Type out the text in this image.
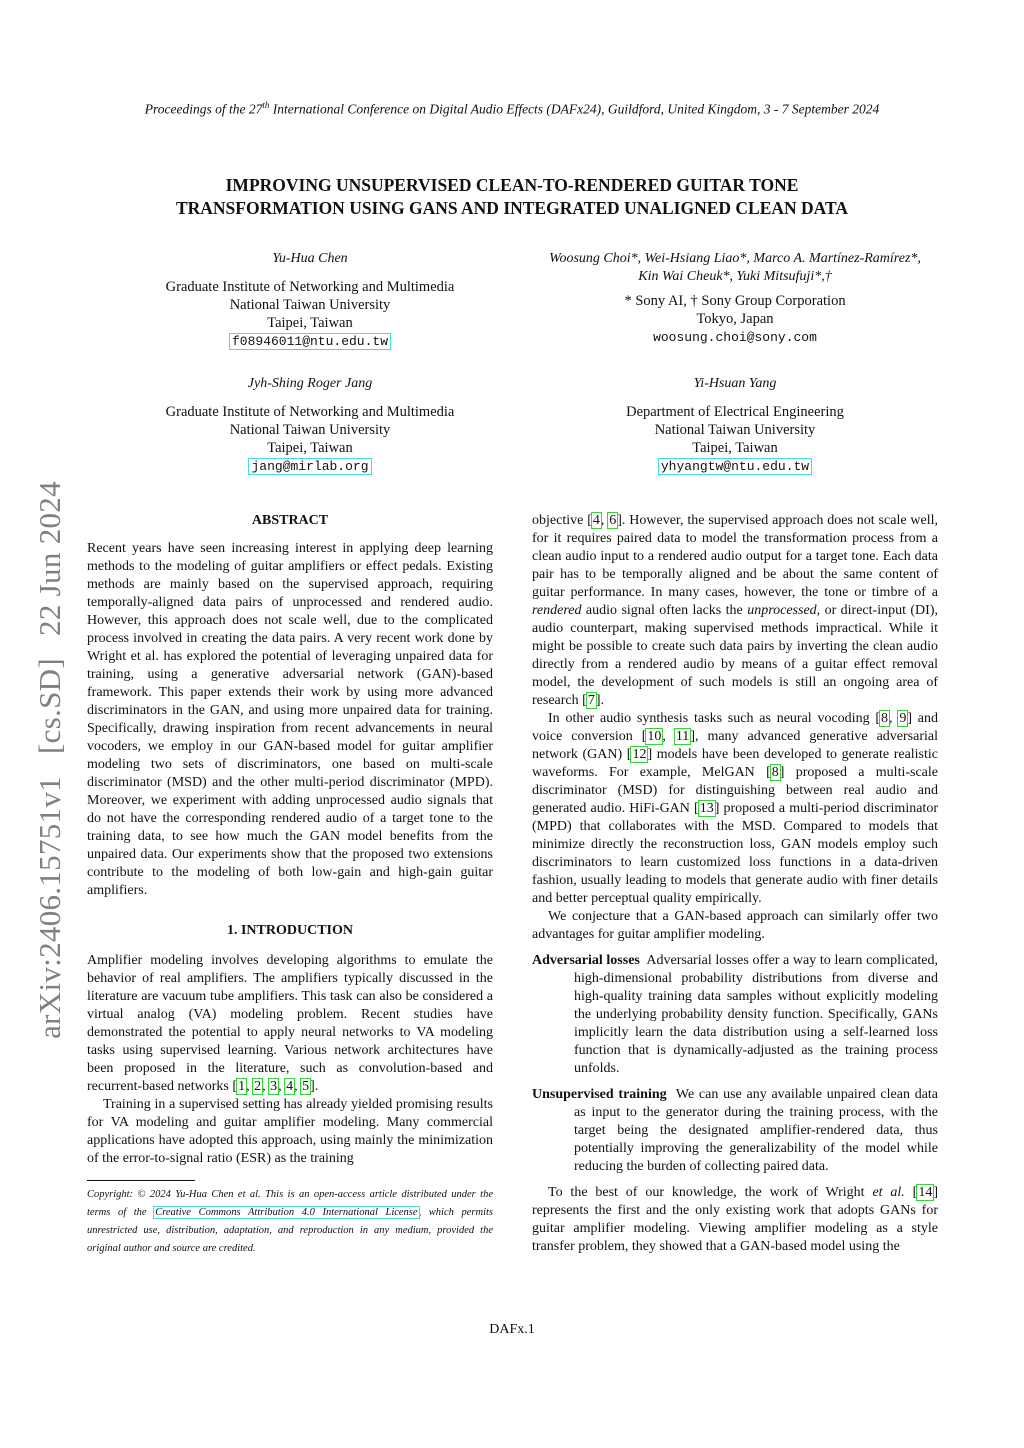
Proceedings of the 27th International Conference on Digital Audio Effects (DAFx24), Guildford, United Kingdom, 3 - 7 September 2024
arXiv:2406.15751v1 [cs.SD] 22 Jun 2024
IMPROVING UNSUPERVISED CLEAN-TO-RENDERED GUITAR TONE
TRANSFORMATION USING GANS AND INTEGRATED UNALIGNED CLEAN DATA
Yu-Hua Chen
Graduate Institute of Networking and Multimedia
National Taiwan University
Taipei, Taiwan
f08946011@ntu.edu.tw
Woosung Choi*, Wei-Hsiang Liao*, Marco A. Martínez-Ramírez*,
Kin Wai Cheuk*, Yuki Mitsufuji*,†
* Sony AI, † Sony Group Corporation
Tokyo, Japan
woosung.choi@sony.com
Jyh-Shing Roger Jang
Graduate Institute of Networking and Multimedia
National Taiwan University
Taipei, Taiwan
jang@mirlab.org
Yi-Hsuan Yang
Department of Electrical Engineering
National Taiwan University
Taipei, Taiwan
yhyangtw@ntu.edu.tw
ABSTRACT

Recent years have seen increasing interest in applying deep learning methods to the modeling of guitar amplifiers or effect pedals. Existing methods are mainly based on the supervised approach, requiring temporally-aligned data pairs of unprocessed and rendered audio. However, this approach does not scale well, due to the complicated process involved in creating the data pairs. A very recent work done by Wright et al. has explored the potential of leveraging unpaired data for training, using a generative adversarial network (GAN)-based framework. This paper extends their work by using more advanced discriminators in the GAN, and using more unpaired data for training. Specifically, drawing inspiration from recent advancements in neural vocoders, we employ in our GAN-based model for guitar amplifier modeling two sets of discriminators, one based on multi-scale discriminator (MSD) and the other multi-period discriminator (MPD). Moreover, we experiment with adding unprocessed audio signals that do not have the corresponding rendered audio of a target tone to the training data, to see how much the GAN model benefits from the unpaired data. Our experiments show that the proposed two extensions contribute to the modeling of both low-gain and high-gain guitar amplifiers.

1. INTRODUCTION

Amplifier modeling involves developing algorithms to emulate the behavior of real amplifiers. The amplifiers typically discussed in the literature are vacuum tube amplifiers. This task can also be considered a virtual analog (VA) modeling problem. Recent studies have demonstrated the potential to apply neural networks to VA modeling tasks using supervised learning. Various network architectures have been proposed in the literature, such as convolution-based and recurrent-based networks [1, 2, 3, 4, 5].

Training in a supervised setting has already yielded promising results for VA modeling and guitar amplifier modeling. Many commercial applications have adopted this approach, using mainly the minimization of the error-to-signal ratio (ESR) as the training

objective [4, 6]. However, the supervised approach does not scale well, for it requires paired data to model the transformation process from a clean audio input to a rendered audio output for a target tone. Each data pair has to be temporally aligned and be about the same content of guitar performance. In many cases, however, the tone or timbre of a rendered audio signal often lacks the unprocessed, or direct-input (DI), audio counterpart, making supervised methods impractical. While it might be possible to create such data pairs by inverting the clean audio directly from a rendered audio by means of a guitar effect removal model, the development of such models is still an ongoing area of research [7].

In other audio synthesis tasks such as neural vocoding [8, 9] and voice conversion [10, 11], many advanced generative adversarial network (GAN) [12] models have been developed to generate realistic waveforms. For example, MelGAN [8] proposed a multi-scale discriminator (MSD) for distinguishing between real audio and generated audio. HiFi-GAN [13] proposed a multi-period discriminator (MPD) that collaborates with the MSD. Compared to models that minimize directly the reconstruction loss, GAN models employ such discriminators to learn customized loss functions in a data-driven fashion, usually leading to models that generate audio with finer details and better perceptual quality empirically.

We conjecture that a GAN-based approach can similarly offer two advantages for guitar amplifier modeling.

Adversarial losses Adversarial losses offer a way to learn complicated, high-dimensional probability distributions from diverse and high-quality training data samples without explicitly modeling the underlying probability density function. Specifically, GANs implicitly learn the data distribution using a self-learned loss function that is dynamically-adjusted as the training process unfolds.

Unsupervised training We can use any available unpaired clean data as input to the generator during the training process, with the target being the designated amplifier-rendered data, thus potentially improving the generalizability of the model while reducing the burden of collecting paired data.

To the best of our knowledge, the work of Wright et al. [14] represents the first and the only existing work that adopts GANs for guitar amplifier modeling. Viewing amplifier modeling as a style transfer problem, they showed that a GAN-based model using the

Copyright: © 2024 Yu-Hua Chen et al. This is an open-access article distributed under the terms of the Creative Commons Attribution 4.0 International License, which permits unrestricted use, distribution, adaptation, and reproduction in any medium, provided the original author and source are credited.
DAFx.1
